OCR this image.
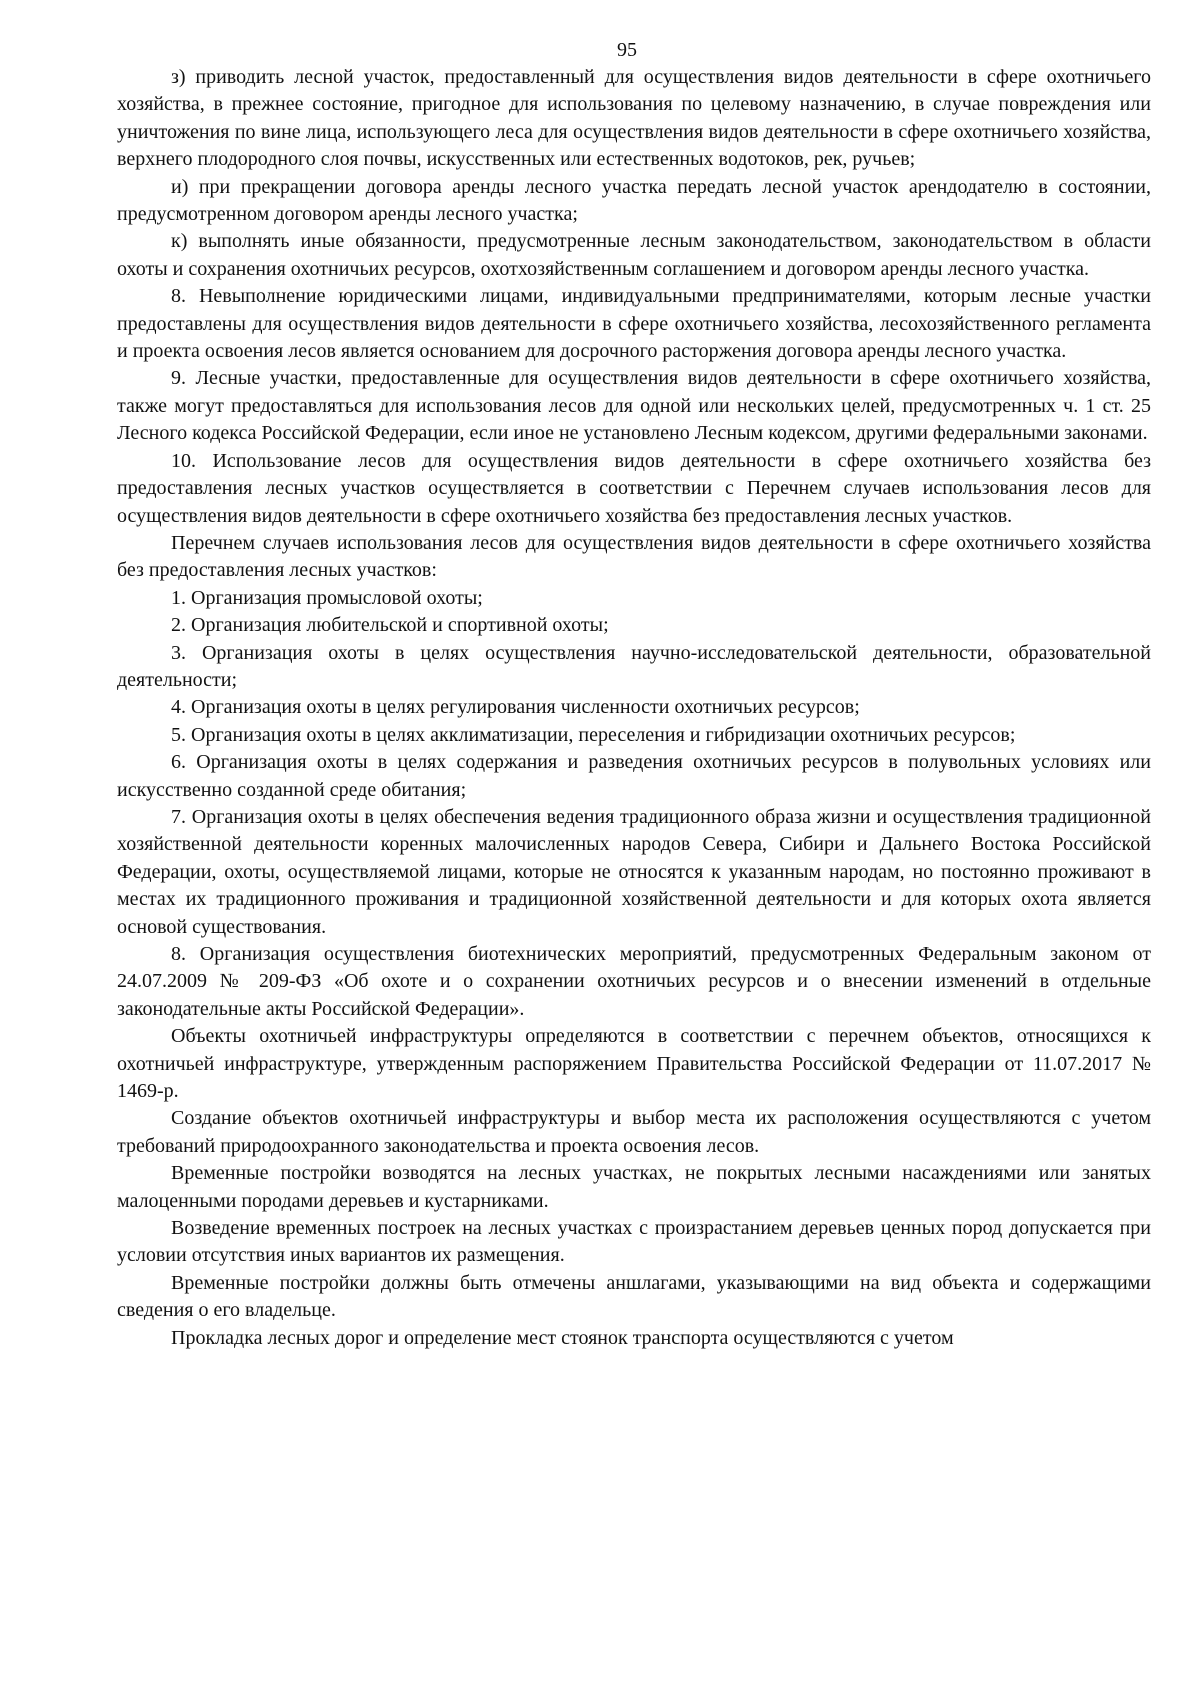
95

з) приводить лесной участок, предоставленный для осуществления видов деятельности в сфере охотничьего хозяйства, в прежнее состояние, пригодное для использования по целевому назначению, в случае повреждения или уничтожения по вине лица, использующего леса для осуществления видов деятельности в сфере охотничьего хозяйства, верхнего плодородного слоя почвы, искусственных или естественных водотоков, рек, ручьев;

и) при прекращении договора аренды лесного участка передать лесной участок арендодателю в состоянии, предусмотренном договором аренды лесного участка;

к) выполнять иные обязанности, предусмотренные лесным законодательством, законодательством в области охоты и сохранения охотничьих ресурсов, охотхозяйственным соглашением и договором аренды лесного участка.

8. Невыполнение юридическими лицами, индивидуальными предпринимателями, которым лесные участки предоставлены для осуществления видов деятельности в сфере охотничьего хозяйства, лесохозяйственного регламента и проекта освоения лесов является основанием для досрочного расторжения договора аренды лесного участка.

9. Лесные участки, предоставленные для осуществления видов деятельности в сфере охотничьего хозяйства, также могут предоставляться для использования лесов для одной или нескольких целей, предусмотренных ч. 1 ст. 25 Лесного кодекса Российской Федерации, если иное не установлено Лесным кодексом, другими федеральными законами.

10. Использование лесов для осуществления видов деятельности в сфере охотничьего хозяйства без предоставления лесных участков осуществляется в соответствии с Перечнем случаев использования лесов для осуществления видов деятельности в сфере охотничьего хозяйства без предоставления лесных участков.

Перечнем случаев использования лесов для осуществления видов деятельности в сфере охотничьего хозяйства без предоставления лесных участков:

1. Организация промысловой охоты;

2. Организация любительской и спортивной охоты;

3. Организация охоты в целях осуществления научно-исследовательской деятельности, образовательной деятельности;

4. Организация охоты в целях регулирования численности охотничьих ресурсов;

5. Организация охоты в целях акклиматизации, переселения и гибридизации охотничьих ресурсов;

6. Организация охоты в целях содержания и разведения охотничьих ресурсов в полувольных условиях или искусственно созданной среде обитания;

7. Организация охоты в целях обеспечения ведения традиционного образа жизни и осуществления традиционной хозяйственной деятельности коренных малочисленных народов Севера, Сибири и Дальнего Востока Российской Федерации, охоты, осуществляемой лицами, которые не относятся к указанным народам, но постоянно проживают в местах их традиционного проживания и традиционной хозяйственной деятельности и для которых охота является основой существования.

8. Организация осуществления биотехнических мероприятий, предусмотренных Федеральным законом от 24.07.2009 № 209-ФЗ «Об охоте и о сохранении охотничьих ресурсов и о внесении изменений в отдельные законодательные акты Российской Федерации».

Объекты охотничьей инфраструктуры определяются в соответствии с перечнем объектов, относящихся к охотничьей инфраструктуре, утвержденным распоряжением Правительства Российской Федерации от 11.07.2017 № 1469-р.

Создание объектов охотничьей инфраструктуры и выбор места их расположения осуществляются с учетом требований природоохранного законодательства и проекта освоения лесов.

Временные постройки возводятся на лесных участках, не покрытых лесными насаждениями или занятых малоценными породами деревьев и кустарниками.

Возведение временных построек на лесных участках с произрастанием деревьев ценных пород допускается при условии отсутствия иных вариантов их размещения.

Временные постройки должны быть отмечены аншлагами, указывающими на вид объекта и содержащими сведения о его владельце.

Прокладка лесных дорог и определение мест стоянок транспорта осуществляются с учетом
